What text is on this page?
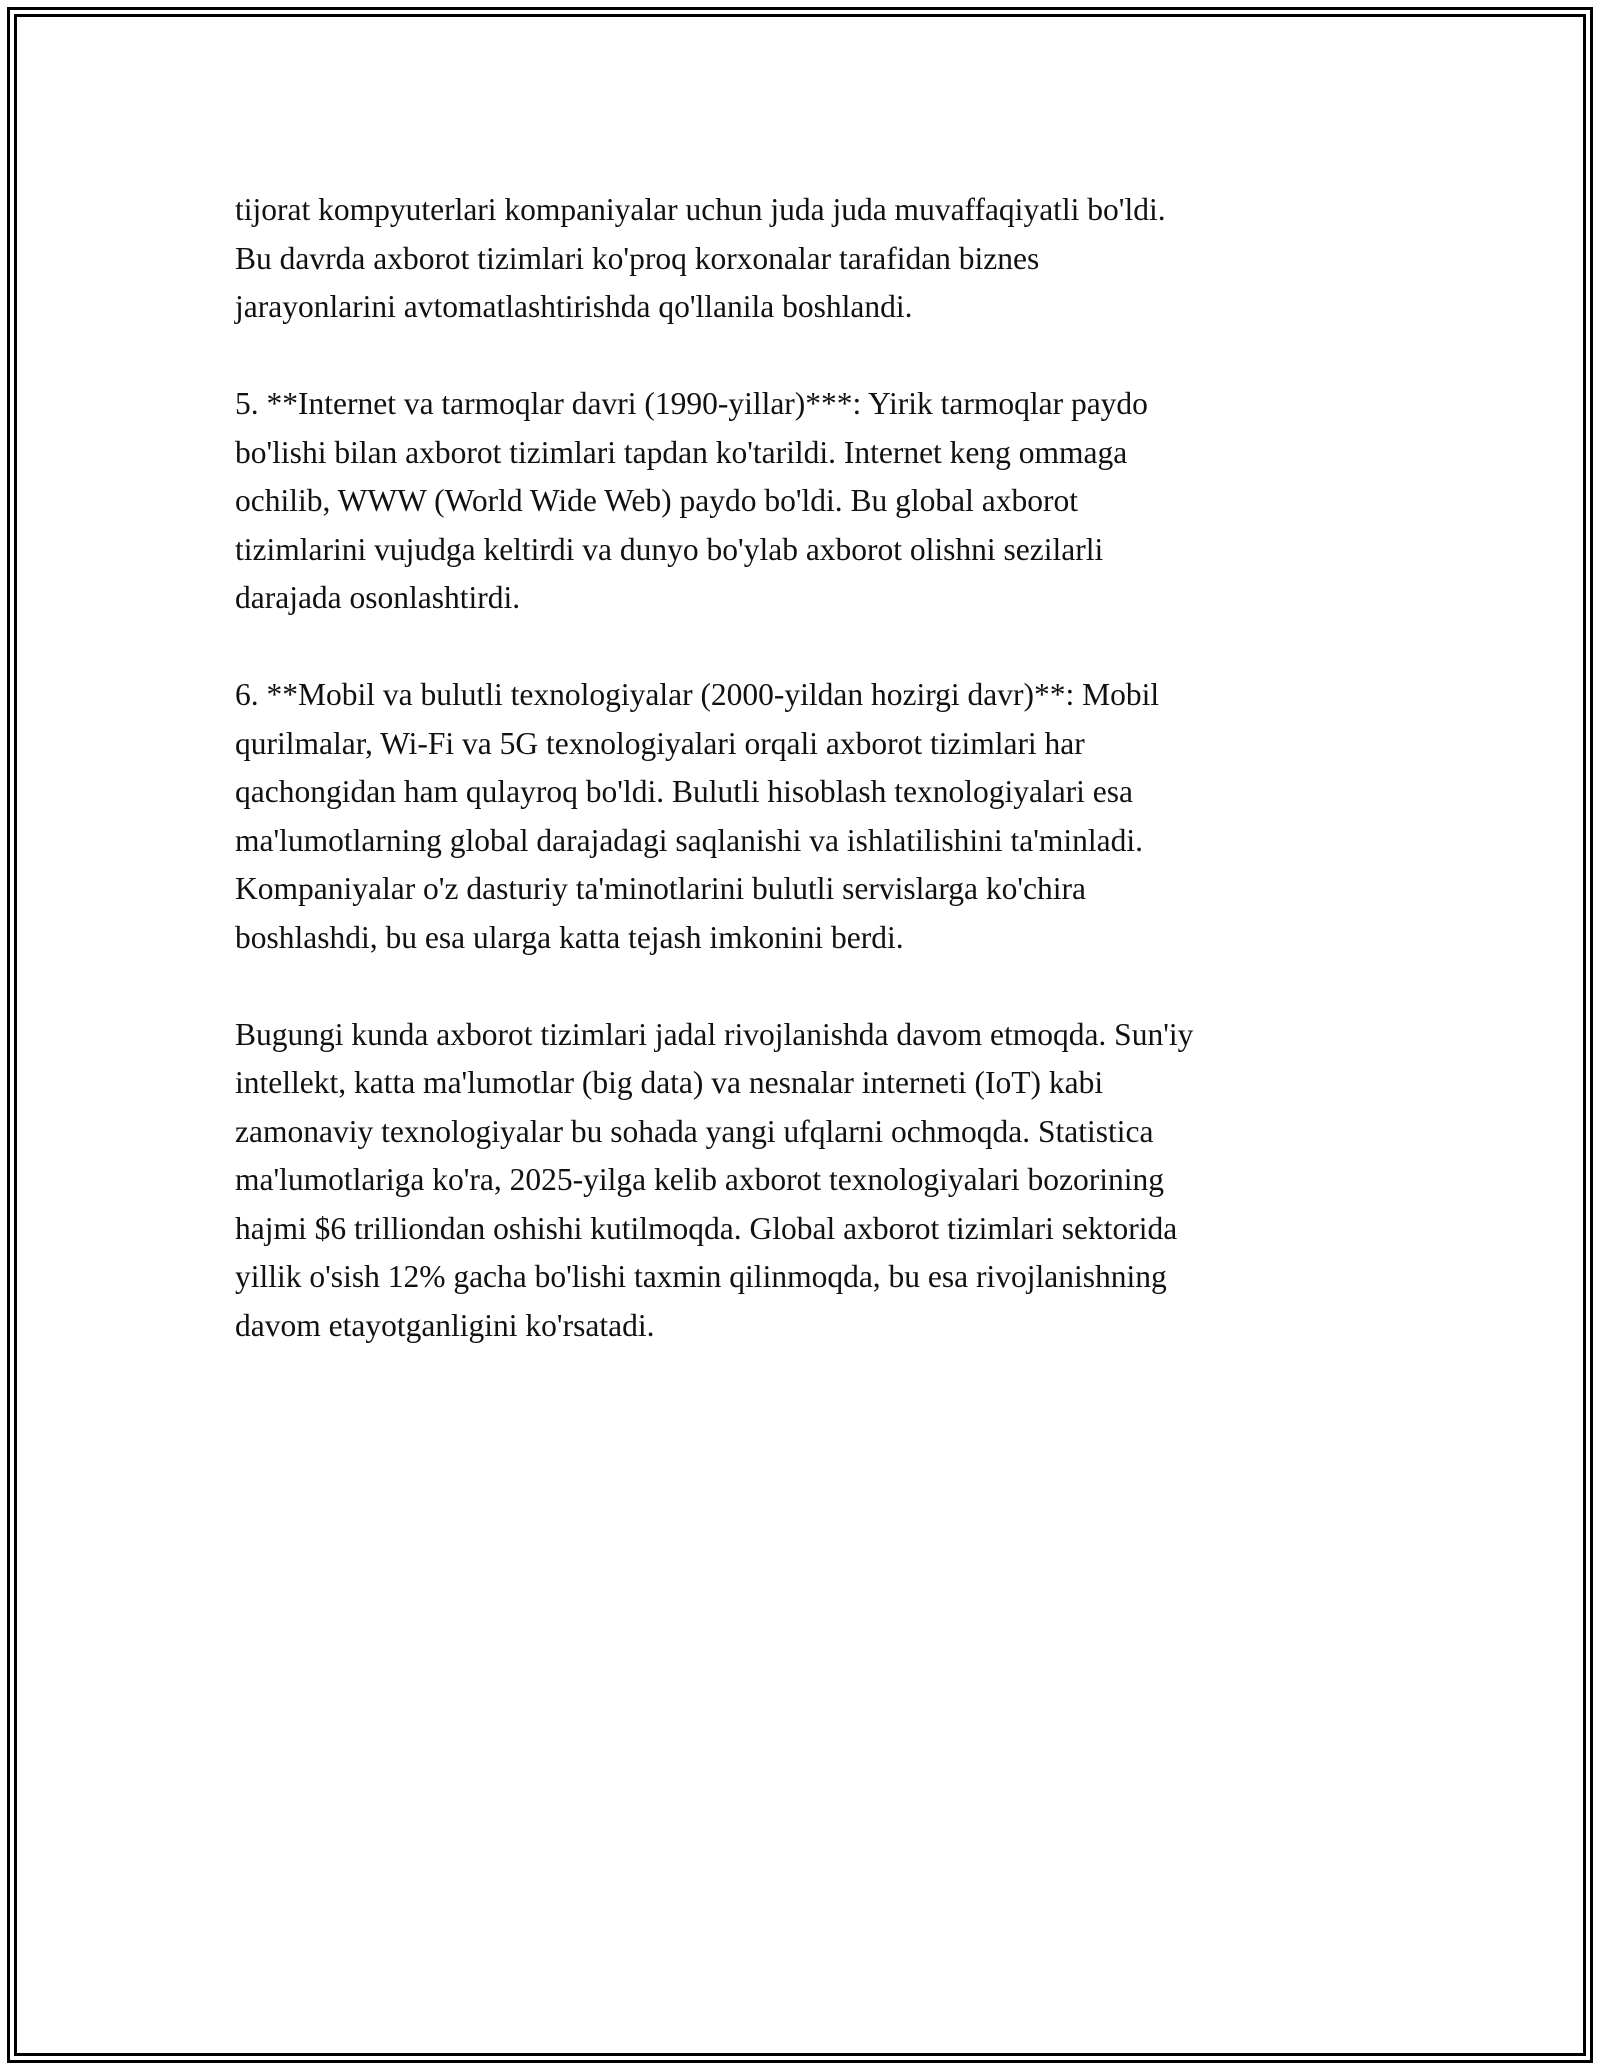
tijorat kompyuterlari kompaniyalar uchun juda juda muvaffaqiyatli bo'ldi.
Bu davrda axborot tizimlari ko'proq korxonalar tarafidan biznes
jarayonlarini avtomatlashtirishda qo'llanila boshlandi.

5. **Internet va tarmoqlar davri (1990-yillar)***: Yirik tarmoqlar paydo
bo'lishi bilan axborot tizimlari tapdan ko'tarildi. Internet keng ommaga
ochilib, WWW (World Wide Web) paydo bo'ldi. Bu global axborot
tizimlarini vujudga keltirdi va dunyo bo'ylab axborot olishni sezilarli
darajada osonlashtirdi.

6. **Mobil va bulutli texnologiyalar (2000-yildan hozirgi davr)**: Mobil
qurilmalar, Wi-Fi va 5G texnologiyalari orqali axborot tizimlari har
qachongidan ham qulayroq bo'ldi. Bulutli hisoblash texnologiyalari esa
ma'lumotlarning global darajadagi saqlanishi va ishlatilishini ta'minladi.
Kompaniyalar o'z dasturiy ta'minotlarini bulutli servislarga ko'chira
boshlashdi, bu esa ularga katta tejash imkonini berdi.

Bugungi kunda axborot tizimlari jadal rivojlanishda davom etmoqda. Sun'iy
intellekt, katta ma'lumotlar (big data) va nesnalar interneti (IoT) kabi
zamonaviy texnologiyalar bu sohada yangi ufqlarni ochmoqda. Statistica
ma'lumotlariga ko'ra, 2025-yilga kelib axborot texnologiyalari bozorining
hajmi $6 trilliondan oshishi kutilmoqda. Global axborot tizimlari sektorida
yillik o'sish 12% gacha bo'lishi taxmin qilinmoqda, bu esa rivojlanishning
davom etayotganligini ko'rsatadi.
